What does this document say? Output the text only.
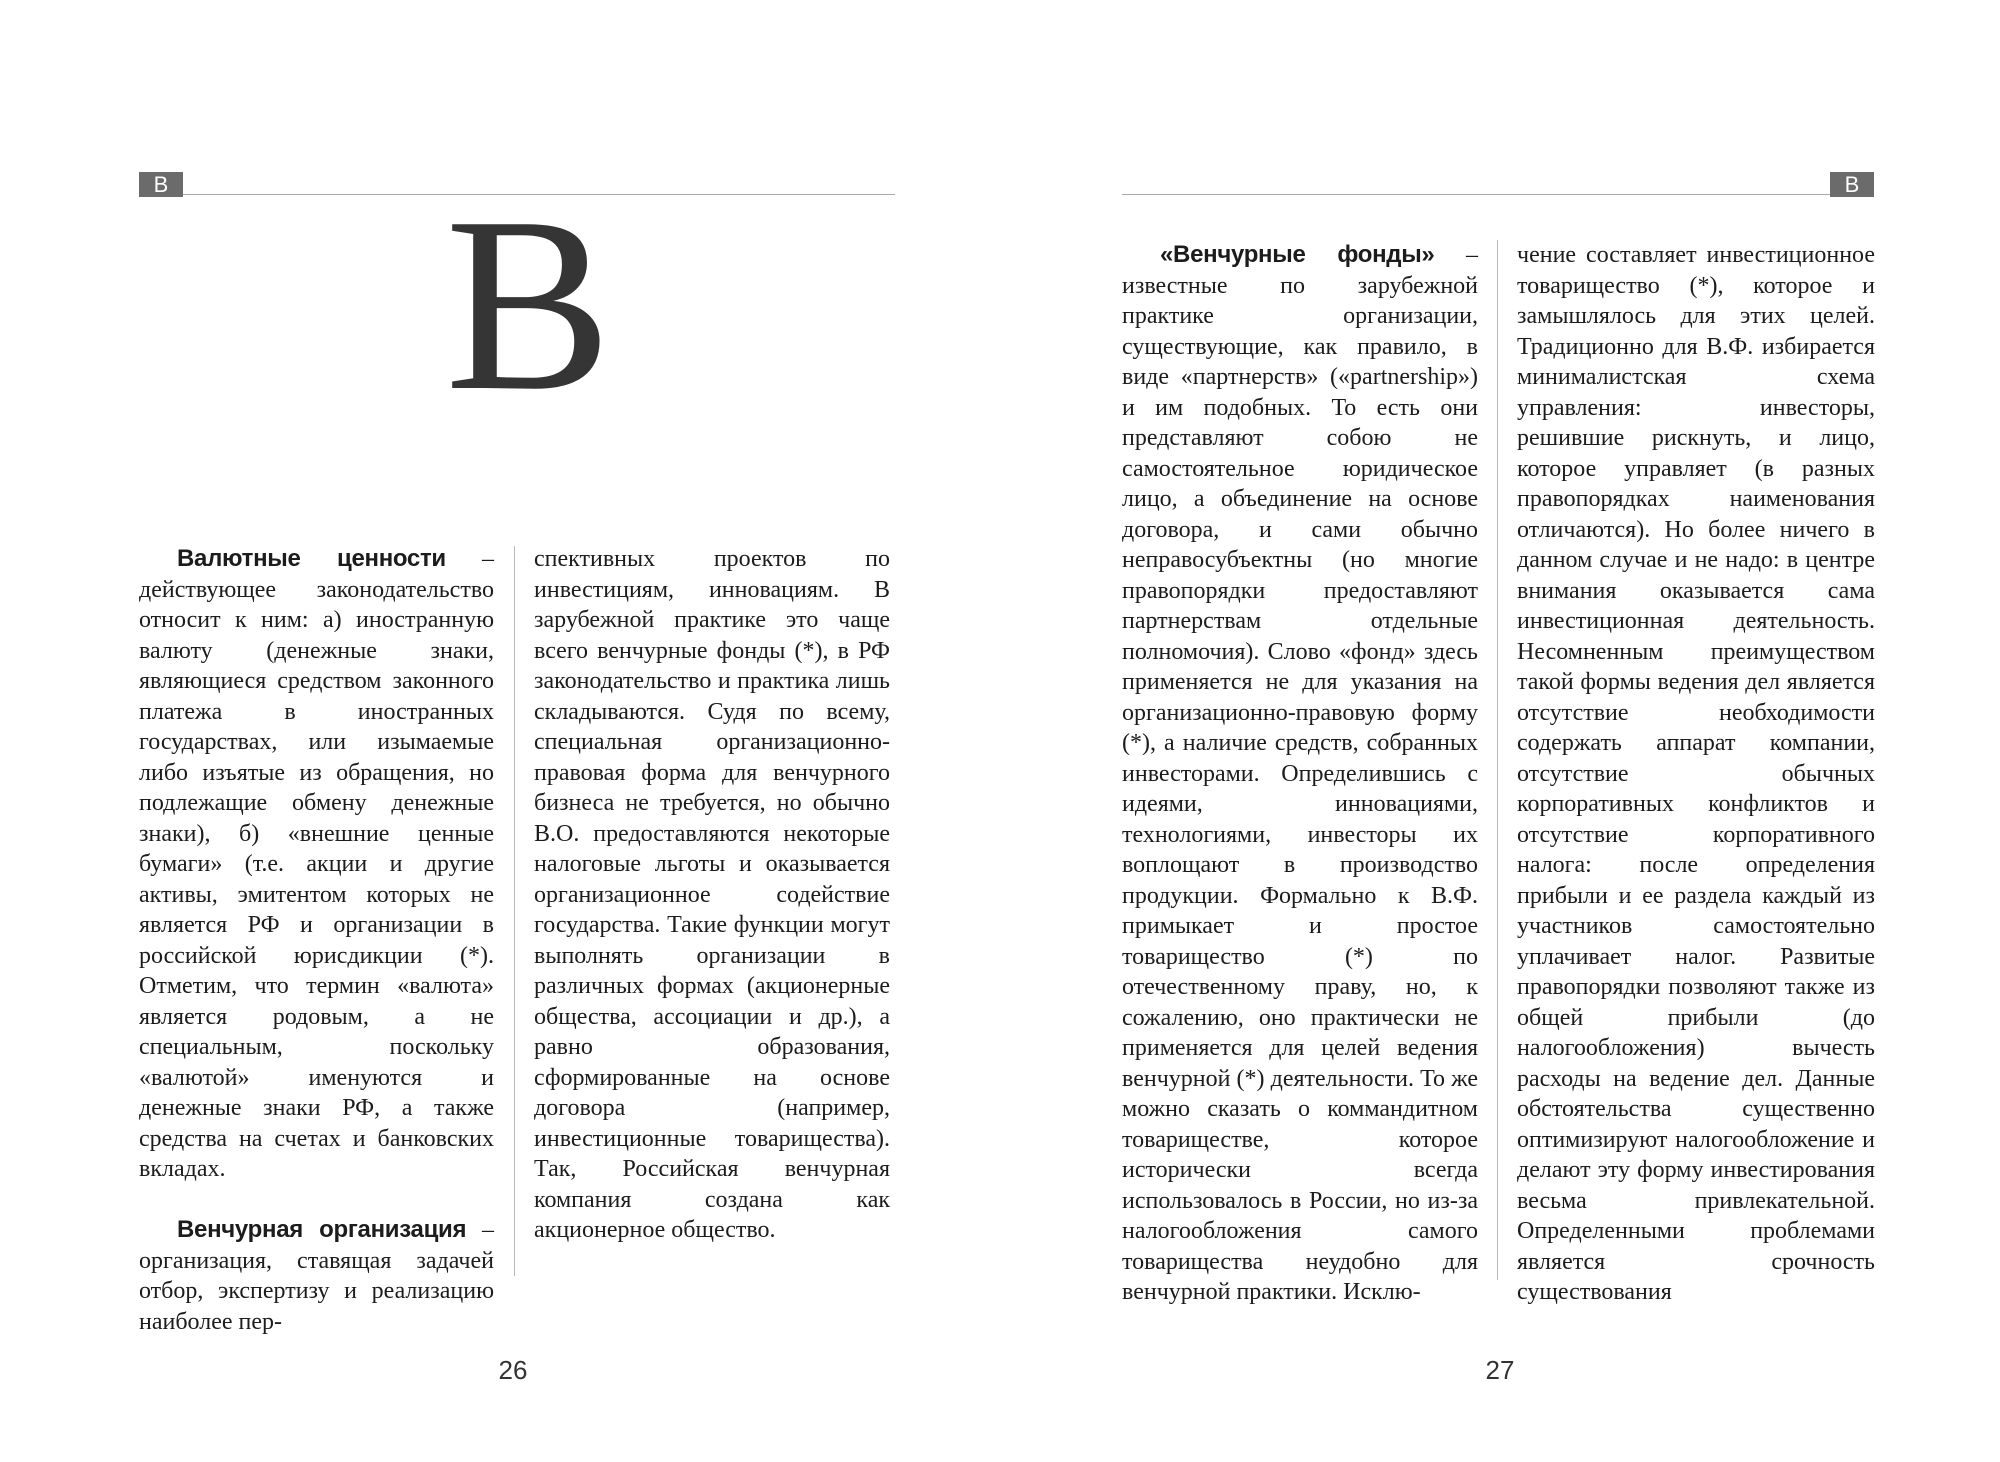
В В

Валютные ценности – действующее законодательство относит к ним: а) иностранную валюту (денежные знаки, являющиеся средством законного платежа в иностранных государствах, или изымаемые либо изъятые из обращения, но подлежащие обмену денежные знаки), б) «внешние ценные бумаги» (т.е. акции и другие активы, эмитентом которых не является РФ и организации в российской юрисдикции (*). Отметим, что термин «валюта» является родовым, а не специальным, поскольку «валютой» именуются и денежные знаки РФ, а также средства на счетах и банковских вкладах.

Венчурная организация – организация, ставящая задачей отбор, экспертизу и реализацию наиболее пер-

спективных проектов по инвестициям, инновациям. В зарубежной практике это чаще всего венчурные фонды (*), в РФ законодательство и практика лишь складываются. Судя по всему, специальная организационно-правовая форма для венчурного бизнеса не требуется, но обычно В.О. предоставляются некоторые налоговые льготы и оказывается организационное содействие государства. Такие функции могут выполнять организации в различных формах (акционерные общества, ассоциации и др.), а равно образования, сформированные на основе договора (например, инвестиционные товарищества). Так, Российская венчурная компания создана как акционерное общество.

26
В

«Венчурные фонды» – известные по зарубежной практике организации, существующие, как правило, в виде «партнерств» («partnership») и им подобных. То есть они представляют собою не самостоятельное юридическое лицо, а объединение на основе договора, и сами обычно неправосубъектны (но многие правопорядки предоставляют партнерствам отдельные полномочия). Слово «фонд» здесь применяется не для указания на организационно-правовую форму (*), а наличие средств, собранных инвесторами. Определившись с идеями, инновациями, технологиями, инвесторы их воплощают в производство продукции. Формально к В.Ф. примыкает и простое товарищество (*) по отечественному праву, но, к сожалению, оно практически не применяется для целей ведения венчурной (*) деятельности. То же можно сказать о коммандитном товариществе, которое исторически всегда использовалось в России, но из-за налогообложения самого товарищества неудобно для венчурной практики. Исклю-

чение составляет инвестиционное товарищество (*), которое и замышлялось для этих целей. Традиционно для В.Ф. избирается минималистская схема управления: инвесторы, решившие рискнуть, и лицо, которое управляет (в разных правопорядках наименования отличаются). Но более ничего в данном случае и не надо: в центре внимания оказывается сама инвестиционная деятельность. Несомненным преимуществом такой формы ведения дел является отсутствие необходимости содержать аппарат компании, отсутствие обычных корпоративных конфликтов и отсутствие корпоративного налога: после определения прибыли и ее раздела каждый из участников самостоятельно уплачивает налог. Развитые правопорядки позволяют также из общей прибыли (до налогообложения) вычесть расходы на ведение дел. Данные обстоятельства существенно оптимизируют налогообложение и делают эту форму инвестирования весьма привлекательной. Определенными проблемами является срочность существования

27
